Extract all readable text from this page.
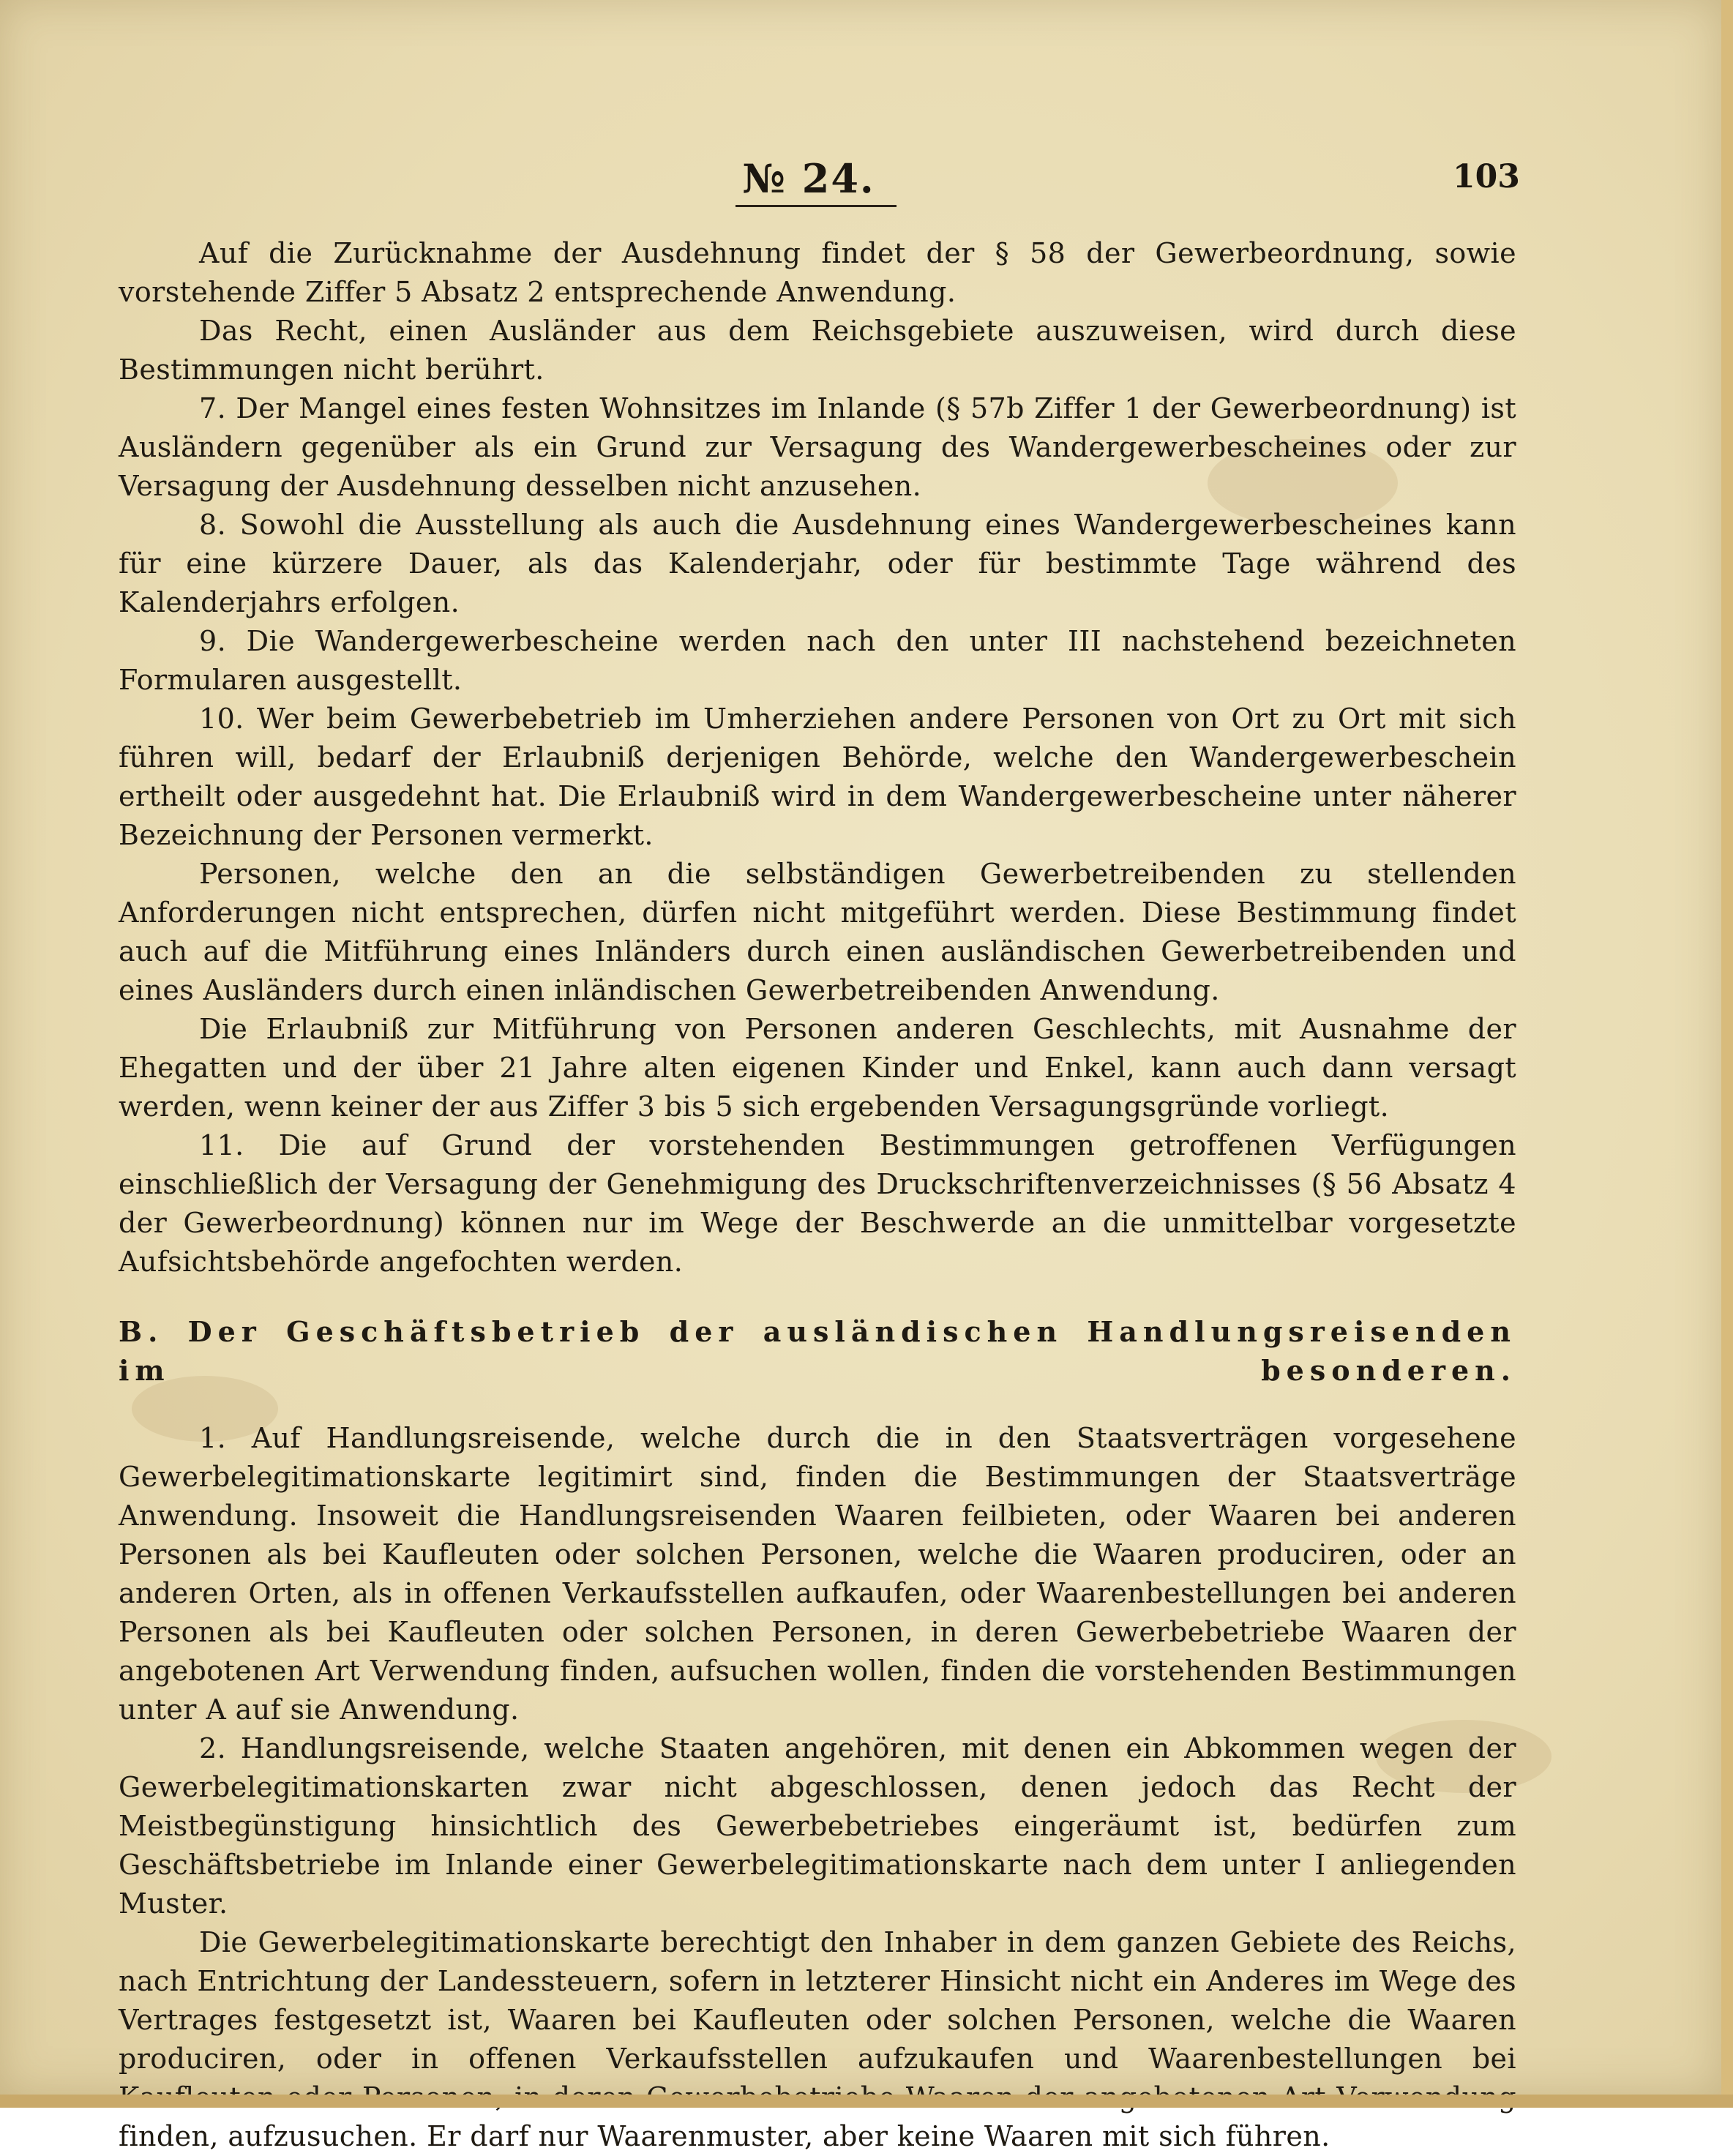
№ 24.	103

Auf die Zurücknahme der Ausdehnung findet der § 58 der Gewerbeordnung, sowie vorstehende Ziffer 5 Absatz 2 entsprechende Anwendung.

Das Recht, einen Ausländer aus dem Reichsgebiete auszuweisen, wird durch diese Bestimmungen nicht berührt.

7. Der Mangel eines festen Wohnsitzes im Inlande (§ 57b Ziffer 1 der Gewerbeordnung) ist Ausländern gegenüber als ein Grund zur Versagung des Wandergewerbescheines oder zur Versagung der Ausdehnung desselben nicht anzusehen.

8. Sowohl die Ausstellung als auch die Ausdehnung eines Wandergewerbescheines kann für eine kürzere Dauer, als das Kalenderjahr, oder für bestimmte Tage während des Kalenderjahrs erfolgen.

9. Die Wandergewerbescheine werden nach den unter III nachstehend bezeichneten Formularen ausgestellt.

10. Wer beim Gewerbebetrieb im Umherziehen andere Personen von Ort zu Ort mit sich führen will, bedarf der Erlaubniß derjenigen Behörde, welche den Wandergewerbeschein ertheilt oder ausgedehnt hat. Die Erlaubniß wird in dem Wandergewerbescheine unter näherer Bezeichnung der Personen vermerkt.

Personen, welche den an die selbständigen Gewerbetreibenden zu stellenden Anforderungen nicht entsprechen, dürfen nicht mitgeführt werden. Diese Bestimmung findet auch auf die Mitführung eines Inländers durch einen ausländischen Gewerbetreibenden und eines Ausländers durch einen inländischen Gewerbetreibenden Anwendung.

Die Erlaubniß zur Mitführung von Personen anderen Geschlechts, mit Ausnahme der Ehegatten und der über 21 Jahre alten eigenen Kinder und Enkel, kann auch dann versagt werden, wenn keiner der aus Ziffer 3 bis 5 sich ergebenden Versagungsgründe vorliegt.

11. Die auf Grund der vorstehenden Bestimmungen getroffenen Verfügungen einschließlich der Versagung der Genehmigung des Druckschriftenverzeichnisses (§ 56 Absatz 4 der Gewerbeordnung) können nur im Wege der Beschwerde an die unmittelbar vorgesetzte Aufsichtsbehörde angefochten werden.

B. Der Geschäftsbetrieb der ausländischen Handlungsreisenden im besonderen.

1. Auf Handlungsreisende, welche durch die in den Staatsverträgen vorgesehene Gewerbelegitimationskarte legitimirt sind, finden die Bestimmungen der Staatsverträge Anwendung. Insoweit die Handlungsreisenden Waaren feilbieten, oder Waaren bei anderen Personen als bei Kaufleuten oder solchen Personen, welche die Waaren produciren, oder an anderen Orten, als in offenen Verkaufsstellen aufkaufen, oder Waarenbestellungen bei anderen Personen als bei Kaufleuten oder solchen Personen, in deren Gewerbebetriebe Waaren der angebotenen Art Verwendung finden, aufsuchen wollen, finden die vorstehenden Bestimmungen unter A auf sie Anwendung.

2. Handlungsreisende, welche Staaten angehören, mit denen ein Abkommen wegen der Gewerbelegitimationskarten zwar nicht abgeschlossen, denen jedoch das Recht der Meistbegünstigung hinsichtlich des Gewerbebetriebes eingeräumt ist, bedürfen zum Geschäftsbetriebe im Inlande einer Gewerbelegitimationskarte nach dem unter I anliegenden Muster.

Die Gewerbelegitimationskarte berechtigt den Inhaber in dem ganzen Gebiete des Reichs, nach Entrichtung der Landessteuern, sofern in letzterer Hinsicht nicht ein Anderes im Wege des Vertrages festgesetzt ist, Waaren bei Kaufleuten oder solchen Personen, welche die Waaren produciren, oder in offenen Verkaufsstellen aufzukaufen und Waarenbestellungen bei finden, aufzusuchen. Er darf nur Waarenmuster, aber keine Waaren mit sich führen.
